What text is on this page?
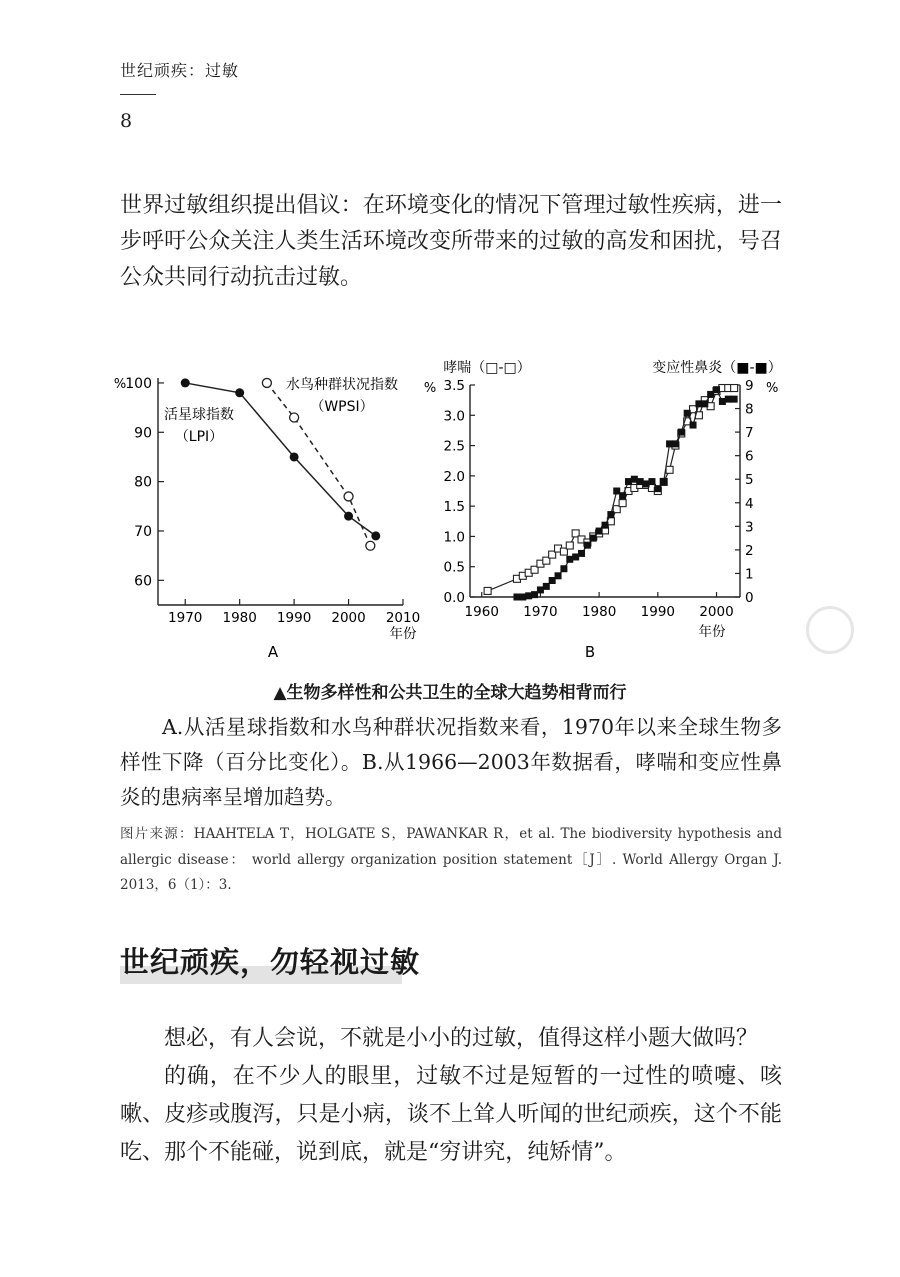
世纪顽疾：过敏
8
世界过敏组织提出倡议：在环境变化的情况下管理过敏性疾病，进一步呼吁公众关注人类生活环境改变所带来的过敏的高发和困扰，号召公众共同行动抗击过敏。
60
70
80
90
100
1970 1980 1990 2000 2010
%
年份
活星球指数
（LPI）
水鸟种群状况指数
（WPSI）
0.0
0.5
1.0
1.5
2.0
2.5
3.0
3.5
0
1
2
3
4
5
6
7
8
9
1960 1970 1980 1990 2000
年份
哮喘（□-□）
%
变应性鼻炎（■-■）
%
A	B
▲生物多样性和公共卫生的全球大趋势相背而行
A.从活星球指数和水鸟种群状况指数来看，1970年以来全球生物多样性下降（百分比变化）。B.从1966—2003年数据看，哮喘和变应性鼻炎的患病率呈增加趋势。
图片来源：HAAHTELA T，HOLGATE S，PAWANKAR R，et al. The biodiversity hypothesis and allergic disease： world allergy organization position statement［J］. World Allergy Organ J. 2013，6（1）：3.
世纪顽疾，勿轻视过敏

想必，有人会说，不就是小小的过敏，值得这样小题大做吗？

的确，在不少人的眼里，过敏不过是短暂的一过性的喷嚏、咳嗽、皮疹或腹泻，只是小病，谈不上耸人听闻的世纪顽疾，这个不能吃、那个不能碰，说到底，就是“穷讲究，纯矫情”。
